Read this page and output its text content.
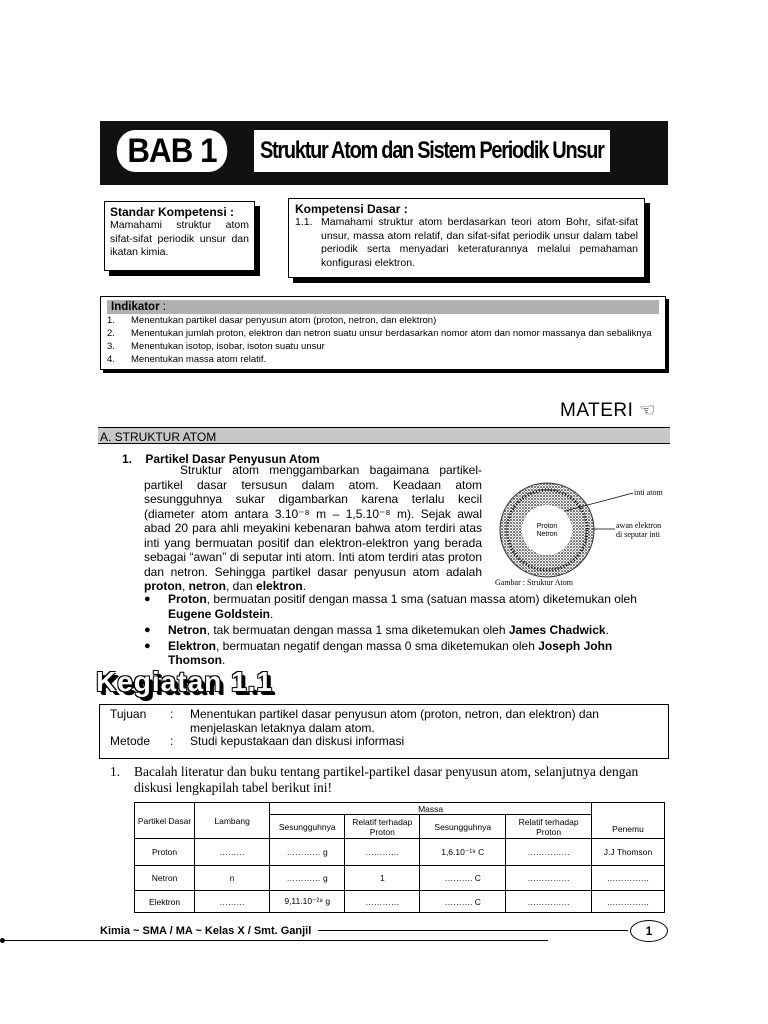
BAB 1	Struktur Atom dan Sistem Periodik Unsur
Standar Kompetensi :
Mamahami struktur atom sifat-sifat periodik unsur dan ikatan kimia.
Kompetensi Dasar :
1.1. Mamahami struktur atom berdasarkan teori atom Bohr, sifat-sifat unsur, massa atom relatif, dan sifat-sifat periodik unsur dalam tabel periodik serta menyadari keteraturannya melalui pemahaman konfigurasi elektron.
Indikator :
1.	Menentukan partikel dasar penyusun atom (proton, netron, dan elektron)
2.	Menentukan jumlah proton, elektron dan netron suatu unsur berdasarkan nomor atom dan nomor massanya dan sebaliknya
3.	Menentukan isotop, isobar, isoton suatu unsur
4.	Menentukan massa atom relatif.
MATERI ☜
A. STRUKTUR ATOM
1. Partikel Dasar Penyusun Atom
Struktur atom menggambarkan bagaimana partikel-partikel dasar tersusun dalam atom. Keadaan atom sesungguhnya sukar digambarkan karena terlalu kecil (diameter atom antara 3.10⁻⁸ m – 1,5.10⁻⁸ m). Sejak awal abad 20 para ahli meyakini kebenaran bahwa atom terdiri atas inti yang bermuatan positif dan elektron-elektron yang berada sebagai “awan” di seputar inti atom. Inti atom terdiri atas proton dan netron. Sehingga partikel dasar penyusun atom adalah proton, netron, dan elektron.
Proton
Netron
inti atom
awan elektron
di seputar inti
Gambar : Struktur Atom
●	Proton, bermuatan positif dengan massa 1 sma (satuan massa atom) diketemukan oleh Eugene Goldstein.
●	Netron, tak bermuatan dengan massa 1 sma diketemukan oleh James Chadwick.
●	Elektron, bermuatan negatif dengan massa 0 sma diketemukan oleh Joseph John Thomson.
Kegiatan 1.1
Tujuan	:	Menentukan partikel dasar penyusun atom (proton, netron, dan elektron) dan menjelaskan letaknya dalam atom.
Metode	:	Studi kepustakaan dan diskusi informasi
1.	Bacalah literatur dan buku tentang partikel-partikel dasar penyusun atom, selanjutnya dengan diskusi lengkapilah tabel berikut ini!
Partikel Dasar	Lambang	Massa				Penemu
		Sesungguhnya	Relatif terhadap Proton	Sesungguhnya	Relatif terhadap Proton	
Proton	………	………… g	…………	1,6.10⁻¹⁹ C	……………	J.J Thomson
Netron	n	………… g	1	………. C	……………	……………
Elektron	………	9,11.10⁻²⁸ g	…………	………. C	……………	……………
Kimia ~ SMA / MA ~ Kelas X / Smt. Ganjil	1
